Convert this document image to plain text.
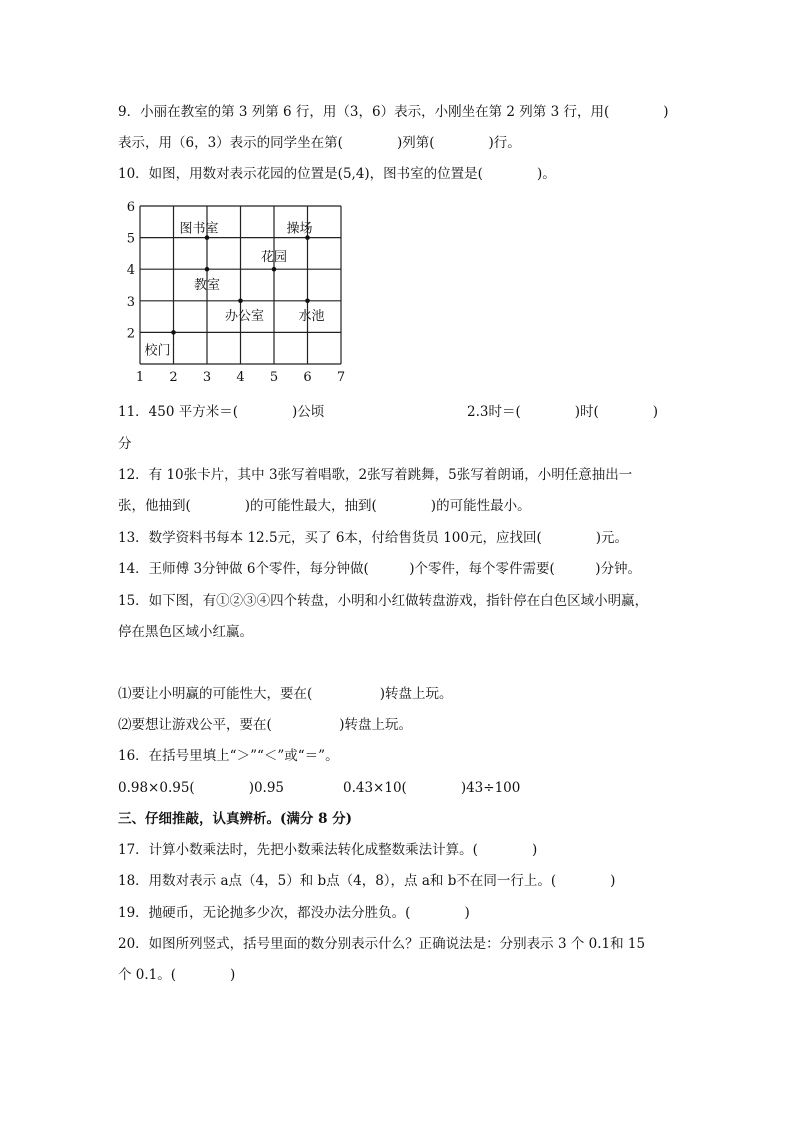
9．小丽在教室的第 3 列第 6 行，用（3，6）表示，小刚坐在第 2 列第 3 行，用(　　　　)
表示，用（6，3）表示的同学坐在第(　　　　)列第(　　　　)行。
10．如图，用数对表示花园的位置是(5,4)，图书室的位置是(　　　　)。
1 2 3 4 5 6 7
2
3
4
5
6
校门
办公室	水池
教室
花园
图书室	操场
11．450 平方米＝(　　　　)公顷	2.3时＝(　　　　)时(　　　　)
分
12．有 10张卡片，其中 3张写着唱歌，2张写着跳舞，5张写着朗诵，小明任意抽出一
张，他抽到(　　　　)的可能性最大，抽到(　　　　)的可能性最小。
13．数学资料书每本 12.5元，买了 6本，付给售货员 100元，应找回(　　　　)元。
14．王师傅 3分钟做 6个零件，每分钟做(　　　)个零件，每个零件需要(　　　)分钟。
15．如下图，有①②③④四个转盘，小明和小红做转盘游戏，指针停在白色区域小明赢，
停在黑色区域小红赢。
⑴要让小明赢的可能性大，要在(　　　　　)转盘上玩。
⑵要想让游戏公平，要在(　　　　　)转盘上玩。
16．在括号里填上“＞”“＜”或“＝”。
0.98×0.95(　　　　)0.95	0.43×10(　　　　)43÷100
三、仔细推敲，认真辨析。(满分 8 分)
17．计算小数乘法时，先把小数乘法转化成整数乘法计算。(　　　　)
18．用数对表示 a点（4，5）和 b点（4，8），点 a和 b不在同一行上。(　　　　)
19．抛硬币，无论抛多少次，都没办法分胜负。(　　　　)
20．如图所列竖式，括号里面的数分别表示什么？正确说法是：分别表示 3 个 0.1和 15
个 0.1。(　　　　)
